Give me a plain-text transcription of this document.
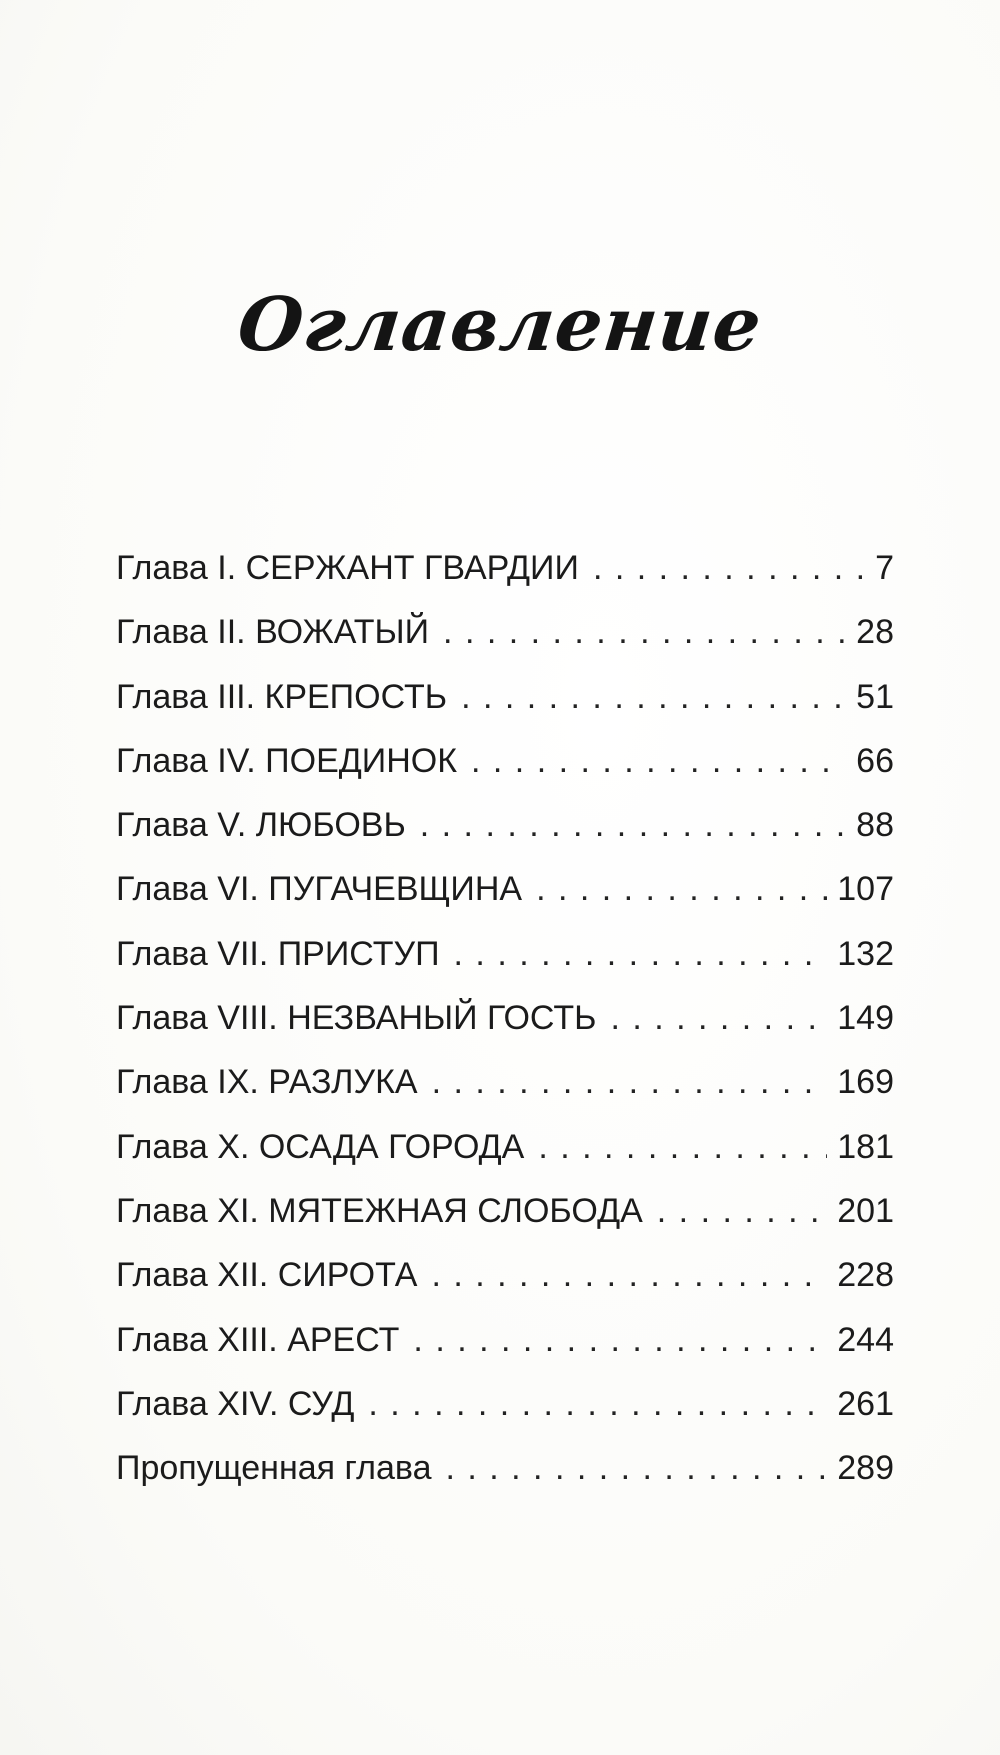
Оглавление
Глава I. СЕРЖАНТ ГВАРДИИ . . .	7
Глава II. ВОЖАТЫЙ . . .	28
Глава III. КРЕПОСТЬ . . .	51
Глава IV. ПОЕДИНОК . . .	66
Глава V. ЛЮБОВЬ . . .	88
Глава VI. ПУГАЧЕВЩИНА . . .	107
Глава VII. ПРИСТУП . . .	132
Глава VIII. НЕЗВАНЫЙ ГОСТЬ . . .	149
Глава IX. РАЗЛУКА . . .	169
Глава X. ОСАДА ГОРОДА . . .	181
Глава XI. МЯТЕЖНАЯ СЛОБОДА . . .	201
Глава XII. СИРОТА . . .	228
Глава XIII. АРЕСТ . . .	244
Глава XIV. СУД . . .	261
Пропущенная глава . . .	289
